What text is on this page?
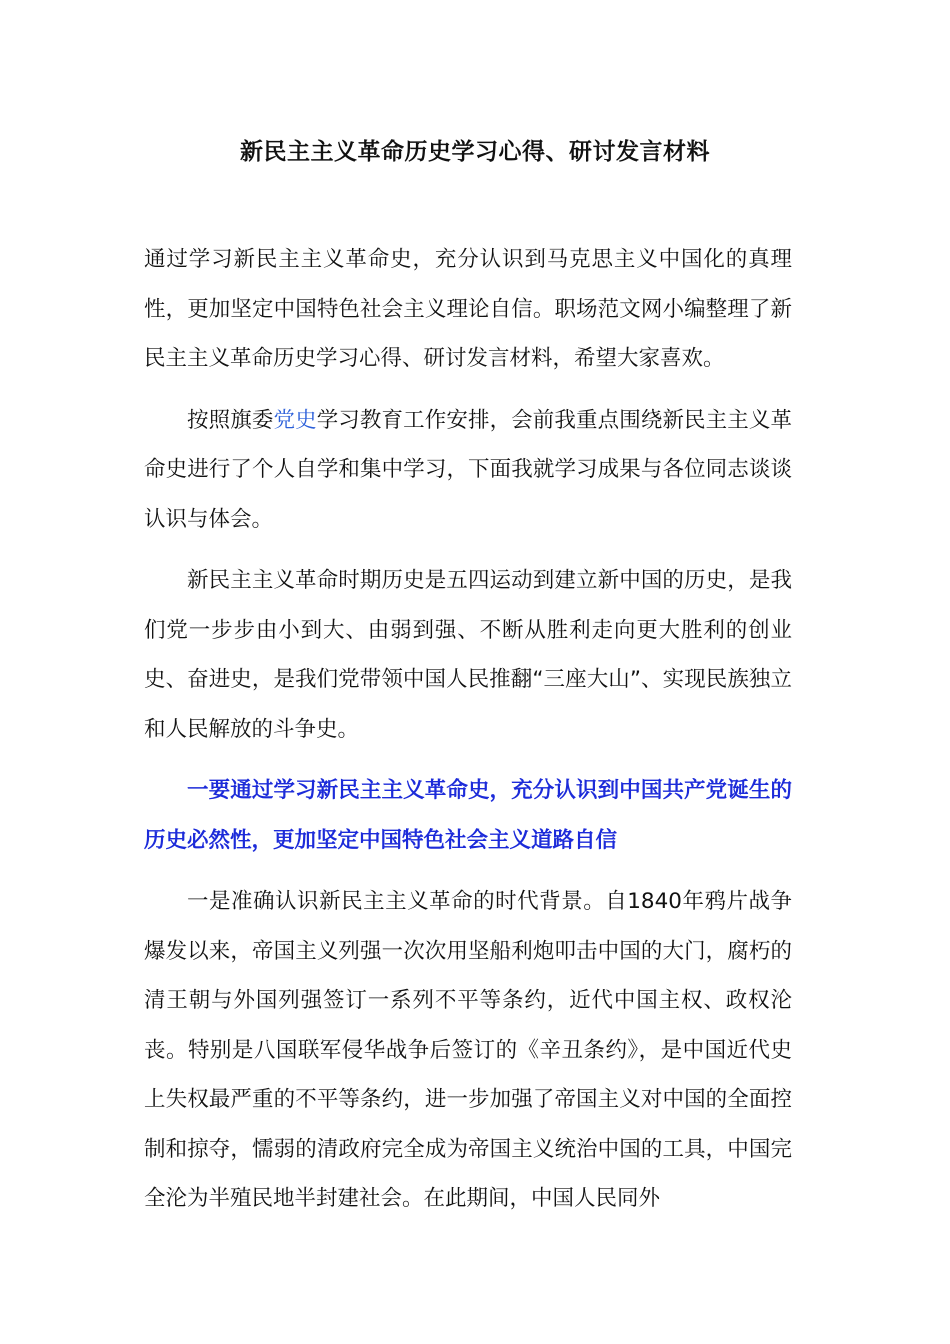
新民主主义革命历史学习心得、研讨发言材料

通过学习新民主主义革命史，充分认识到马克思主义中国化的真理性，更加坚定中国特色社会主义理论自信。职场范文网小编整理了新民主主义革命历史学习心得、研讨发言材料，希望大家喜欢。

按照旗委党史学习教育工作安排，会前我重点围绕新民主主义革命史进行了个人自学和集中学习，下面我就学习成果与各位同志谈谈认识与体会。

新民主主义革命时期历史是五四运动到建立新中国的历史，是我们党一步步由小到大、由弱到强、不断从胜利走向更大胜利的创业史、奋进史，是我们党带领中国人民推翻“三座大山”、实现民族独立和人民解放的斗争史。

一要通过学习新民主主义革命史，充分认识到中国共产党诞生的历史必然性，更加坚定中国特色社会主义道路自信

一是准确认识新民主主义革命的时代背景。自1840年鸦片战争爆发以来，帝国主义列强一次次用坚船利炮叩击中国的大门，腐朽的清王朝与外国列强签订一系列不平等条约，近代中国主权、政权沦丧。特别是八国联军侵华战争后签订的《辛丑条约》，是中国近代史上失权最严重的不平等条约，进一步加强了帝国主义对中国的全面控制和掠夺，懦弱的清政府完全成为帝国主义统治中国的工具，中国完全沦为半殖民地半封建社会。在此期间，中国人民同外
